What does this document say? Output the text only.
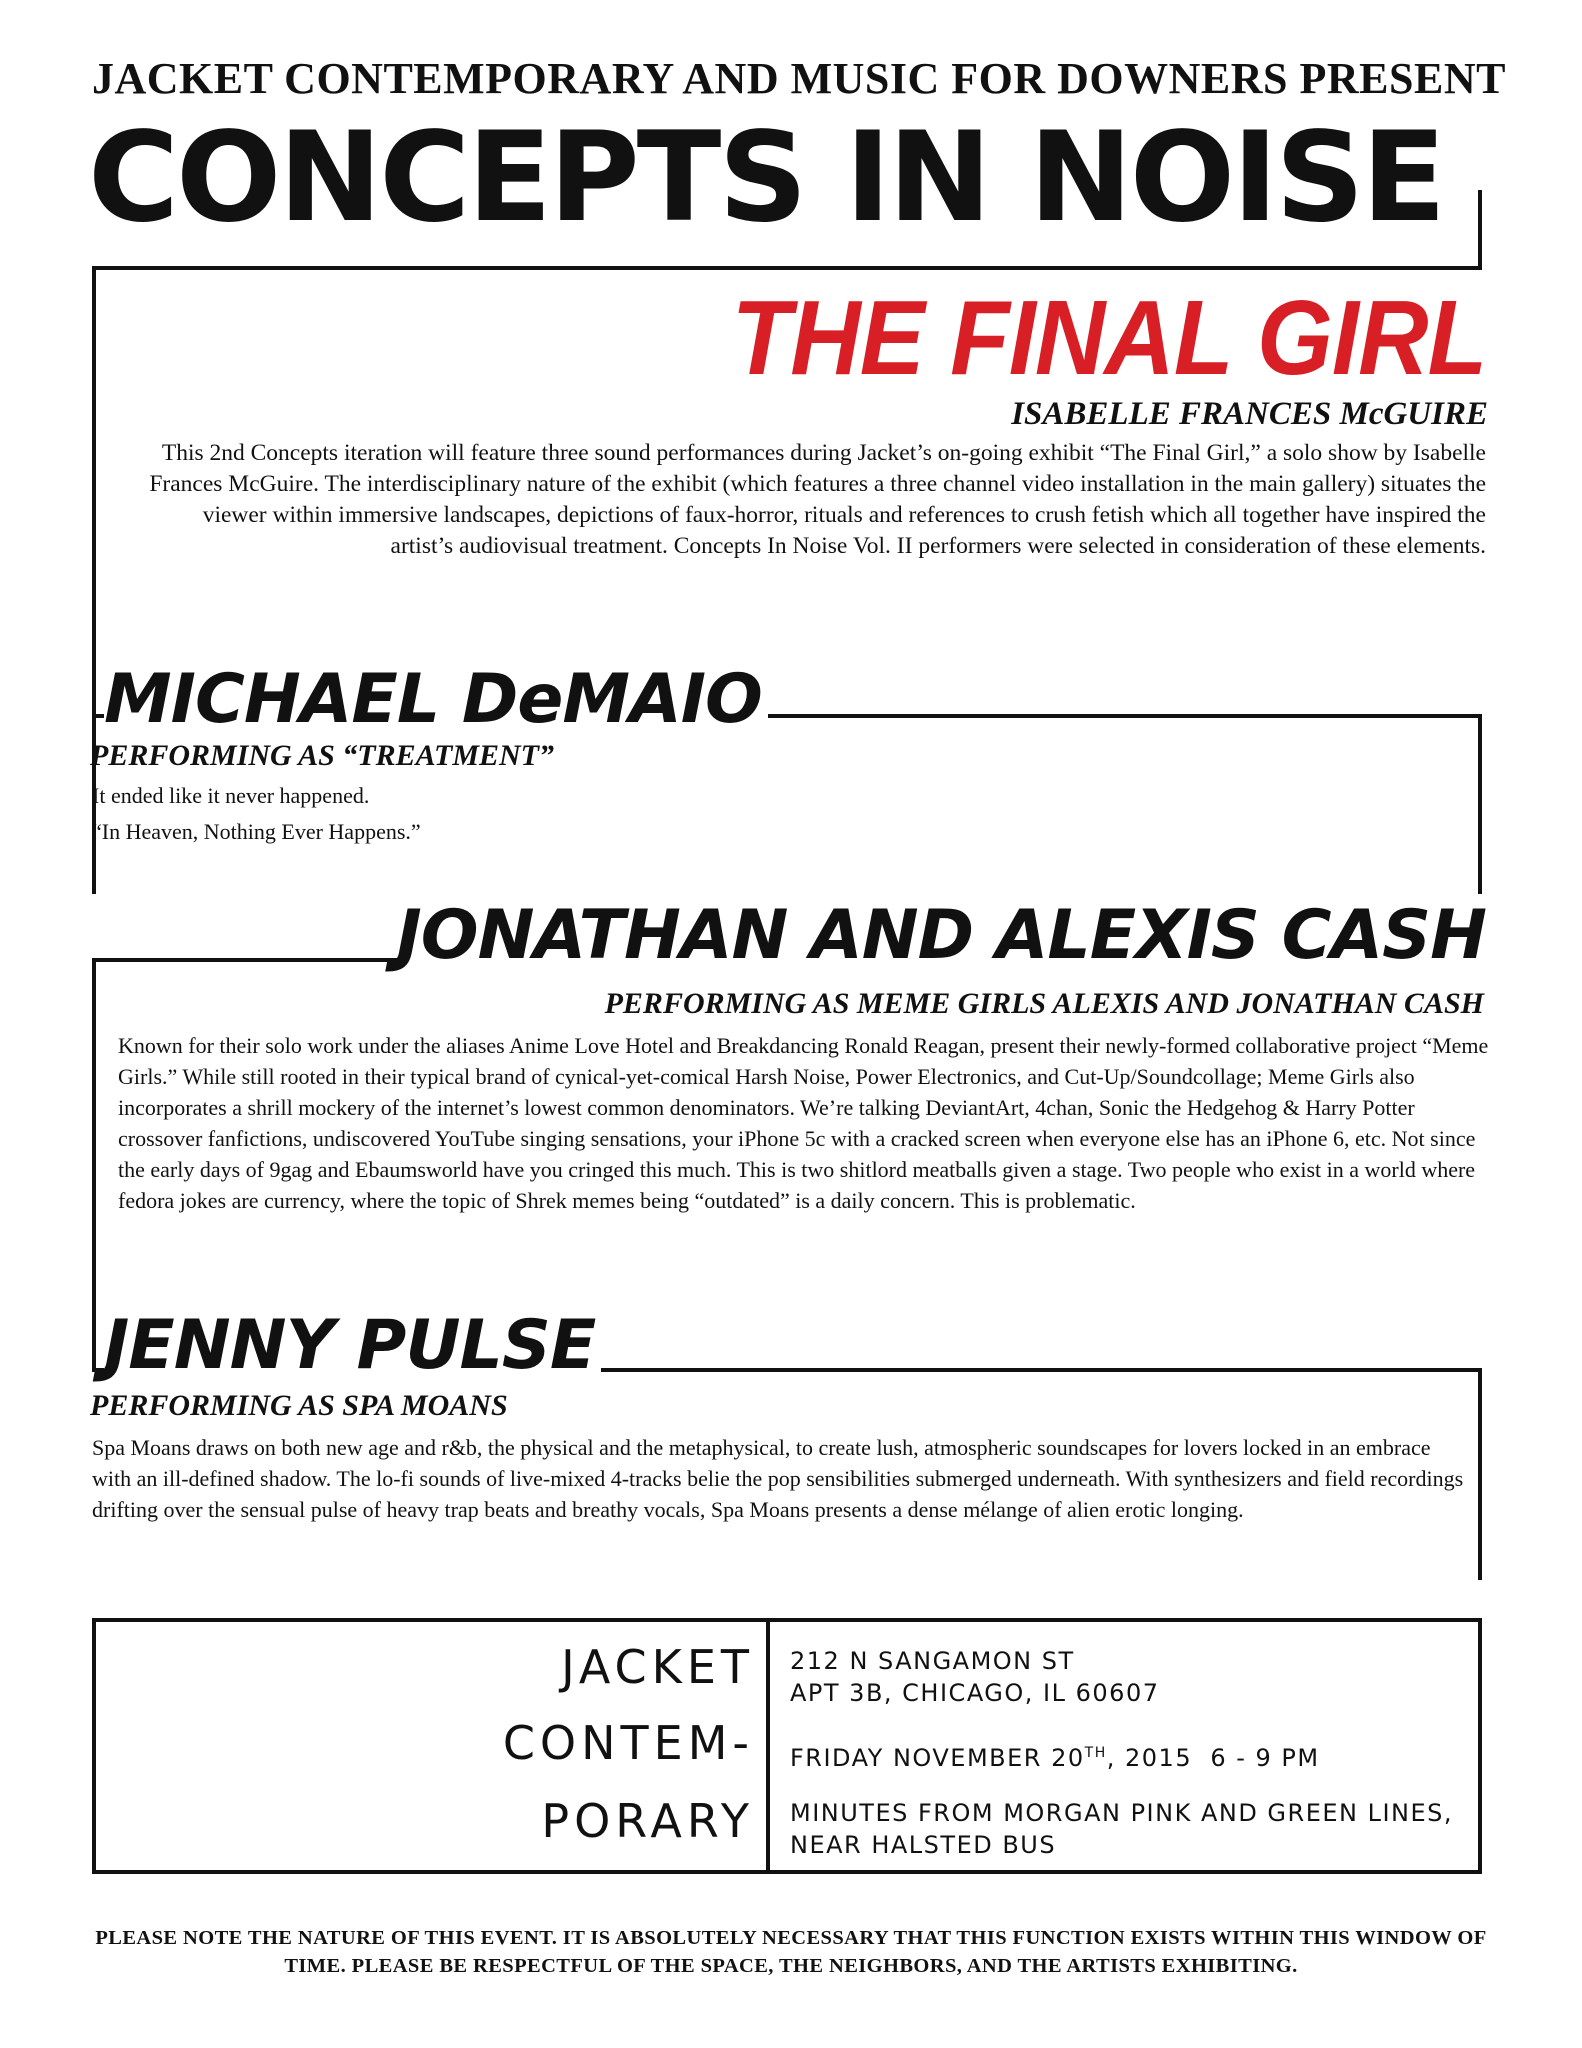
JACKET CONTEMPORARY AND MUSIC FOR DOWNERS PRESENT
CONCEPTS IN NOISE
THE FINAL GIRL
ISABELLE FRANCES McGUIRE
This 2nd Concepts iteration will feature three sound performances during Jacket’s on-going exhibit “The Final Girl,” a solo show by Isabelle Frances McGuire. The interdisciplinary nature of the exhibit (which features a three channel video installation in the main gallery) situates the viewer within immersive landscapes, depictions of faux-horror, rituals and references to crush fetish which all together have inspired the artist’s audiovisual treatment. Concepts In Noise Vol. II performers were selected in consideration of these elements.
MICHAEL DeMAIO
PERFORMING AS “TREATMENT”
It ended like it never happened.
“In Heaven, Nothing Ever Happens.”
JONATHAN AND ALEXIS CASH
PERFORMING AS MEME GIRLS ALEXIS AND JONATHAN CASH
Known for their solo work under the aliases Anime Love Hotel and Breakdancing Ronald Reagan, present their newly-formed collaborative project “Meme Girls.” While still rooted in their typical brand of cynical-yet-comical Harsh Noise, Power Electronics, and Cut-Up/Soundcollage; Meme Girls also incorporates a shrill mockery of the internet’s lowest common denominators. We’re talking DeviantArt, 4chan, Sonic the Hedgehog & Harry Potter crossover fanfictions, undiscovered YouTube singing sensations, your iPhone 5c with a cracked screen when everyone else has an iPhone 6, etc. Not since the early days of 9gag and Ebaumsworld have you cringed this much. This is two shitlord meatballs given a stage. Two people who exist in a world where fedora jokes are currency, where the topic of Shrek memes being “outdated” is a daily concern. This is problematic.
JENNY PULSE
PERFORMING AS SPA MOANS
Spa Moans draws on both new age and r&b, the physical and the metaphysical, to create lush, atmospheric soundscapes for lovers locked in an embrace with an ill-defined shadow. The lo-fi sounds of live-mixed 4-tracks belie the pop sensibilities submerged underneath. With synthesizers and field recordings drifting over the sensual pulse of heavy trap beats and breathy vocals, Spa Moans presents a dense mélange of alien erotic longing.
JACKET
CONTEM-
PORARY
212 N SANGAMON ST
APT 3B, CHICAGO, IL 60607
FRIDAY NOVEMBER 20TH, 2015  6 - 9 PM
MINUTES FROM MORGAN PINK AND GREEN LINES,
NEAR HALSTED BUS
PLEASE NOTE THE NATURE OF THIS EVENT. IT IS ABSOLUTELY NECESSARY THAT THIS FUNCTION EXISTS WITHIN THIS WINDOW OF TIME. PLEASE BE RESPECTFUL OF THE SPACE, THE NEIGHBORS, AND THE ARTISTS EXHIBITING.
